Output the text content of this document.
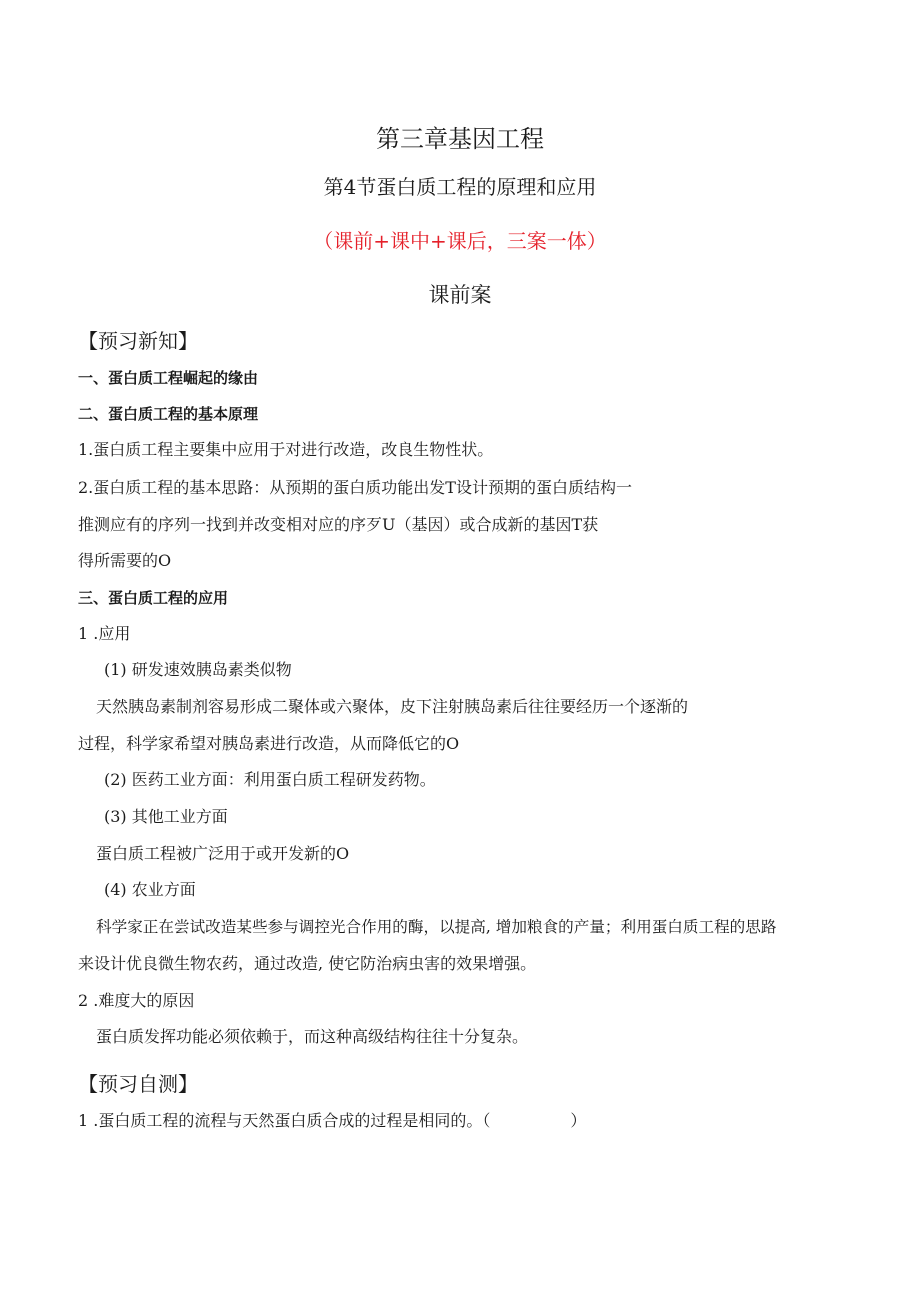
第三章基因工程
第4节蛋白质工程的原理和应用
（课前+课中+课后，三案一体）
课前案
【预习新知】
一、蛋白质工程崛起的缘由
二、蛋白质工程的基本原理
1.蛋白质工程主要集中应用于对进行改造，改良生物性状。
2.蛋白质工程的基本思路：从预期的蛋白质功能出发T设计预期的蛋白质结构一
推测应有的序列一找到并改变相对应的序歹U（基因）或合成新的基因T获
得所需要的O
三、蛋白质工程的应用
1 .应用
(1) 研发速效胰岛素类似物
天然胰岛素制剂容易形成二聚体或六聚体，皮下注射胰岛素后往往要经历一个逐渐的
过程，科学家希望对胰岛素进行改造，从而降低它的O
(2) 医药工业方面：利用蛋白质工程研发药物。
(3) 其他工业方面
蛋白质工程被广泛用于或开发新的O
(4) 农业方面
科学家正在尝试改造某些参与调控光合作用的酶，以提高, 增加粮食的产量；利用蛋白质工程的思路
来设计优良微生物农药，通过改造, 使它防治病虫害的效果增强。
2 .难度大的原因
蛋白质发挥功能必须依赖于，而这种高级结构往往十分复杂。
【预习自测】
1 .蛋白质工程的流程与天然蛋白质合成的过程是相同的。（	）
